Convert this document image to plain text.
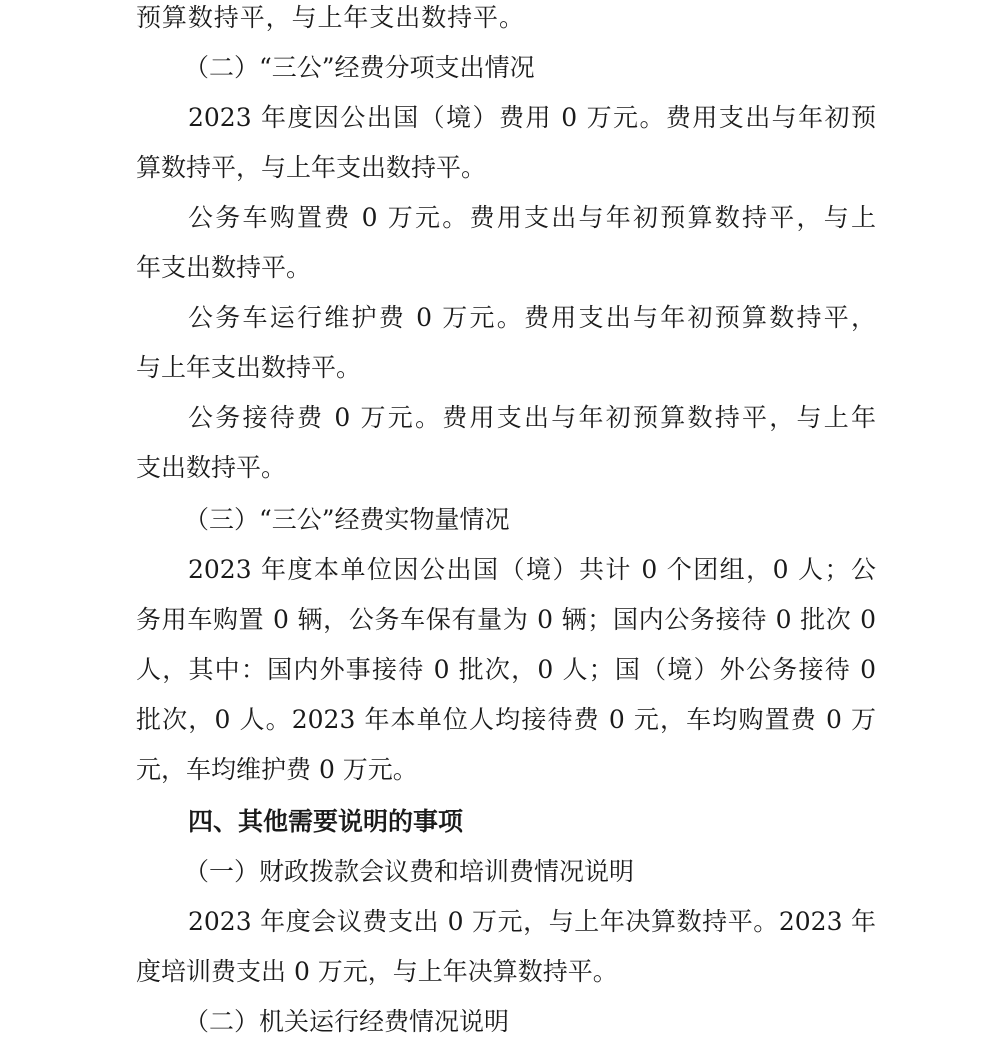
预算数持平，与上年支出数持平。
（二）“三公”经费分项支出情况
2023 年度因公出国（境）费用 0 万元。费用支出与年初预
算数持平，与上年支出数持平。
公务车购置费 0 万元。费用支出与年初预算数持平，与上
年支出数持平。
公务车运行维护费 0 万元。费用支出与年初预算数持平，
与上年支出数持平。
公务接待费 0 万元。费用支出与年初预算数持平，与上年
支出数持平。
（三）“三公”经费实物量情况
2023 年度本单位因公出国（境）共计 0 个团组，0 人；公
务用车购置 0 辆，公务车保有量为 0 辆；国内公务接待 0 批次 0
人，其中：国内外事接待 0 批次，0 人；国（境）外公务接待 0
批次，0 人。2023 年本单位人均接待费 0 元，车均购置费 0 万
元，车均维护费 0 万元。
四、其他需要说明的事项
（一）财政拨款会议费和培训费情况说明
2023 年度会议费支出 0 万元，与上年决算数持平。2023 年
度培训费支出 0 万元，与上年决算数持平。
（二）机关运行经费情况说明
